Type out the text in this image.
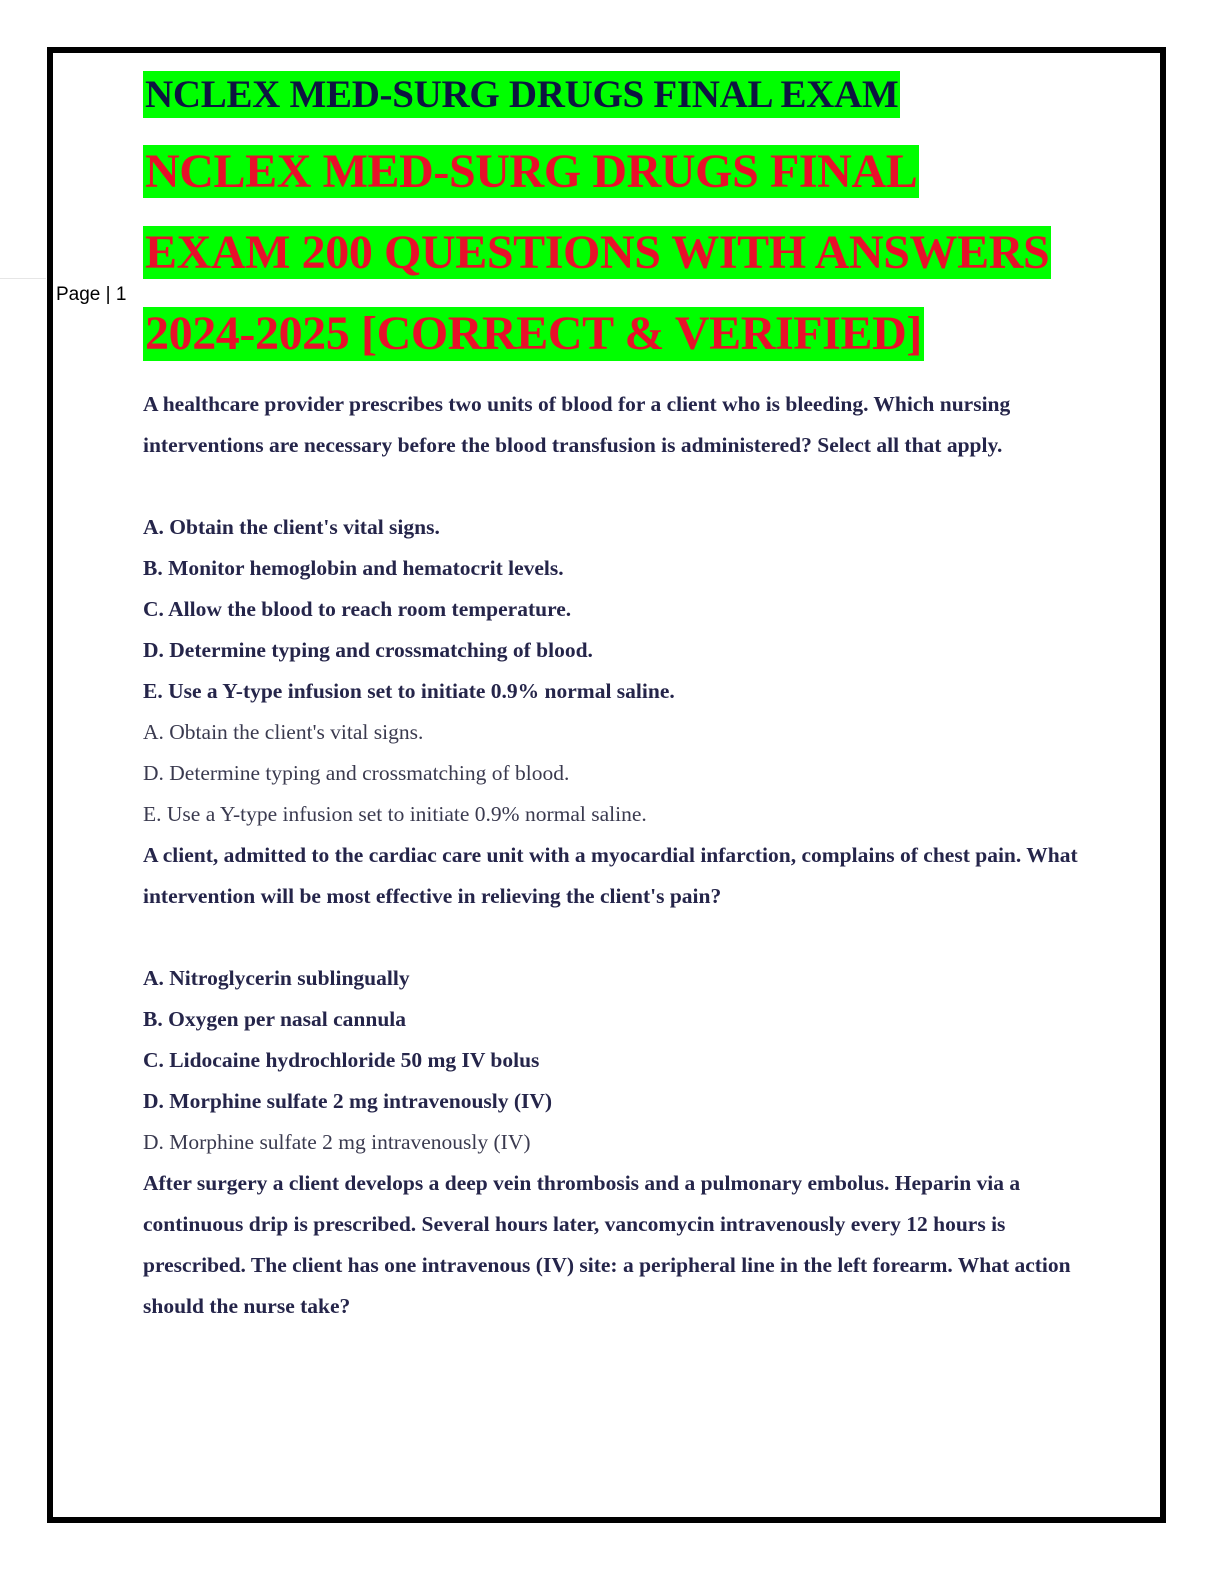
Page | 1
NCLEX MED-SURG DRUGS FINAL EXAM
NCLEX MED-SURG DRUGS FINAL
EXAM 200 QUESTIONS WITH ANSWERS
2024-2025 [CORRECT & VERIFIED]
A healthcare provider prescribes two units of blood for a client who is bleeding. Which nursing interventions are necessary before the blood transfusion is administered? Select all that apply.
A. Obtain the client's vital signs.
B. Monitor hemoglobin and hematocrit levels.
C. Allow the blood to reach room temperature.
D. Determine typing and crossmatching of blood.
E. Use a Y-type infusion set to initiate 0.9% normal saline.
A. Obtain the client's vital signs.
D. Determine typing and crossmatching of blood.
E. Use a Y-type infusion set to initiate 0.9% normal saline.
A client, admitted to the cardiac care unit with a myocardial infarction, complains of chest pain. What intervention will be most effective in relieving the client's pain?
A. Nitroglycerin sublingually
B. Oxygen per nasal cannula
C. Lidocaine hydrochloride 50 mg IV bolus
D. Morphine sulfate 2 mg intravenously (IV)
D. Morphine sulfate 2 mg intravenously (IV)
After surgery a client develops a deep vein thrombosis and a pulmonary embolus. Heparin via a continuous drip is prescribed. Several hours later, vancomycin intravenously every 12 hours is prescribed. The client has one intravenous (IV) site: a peripheral line in the left forearm. What action should the nurse take?
